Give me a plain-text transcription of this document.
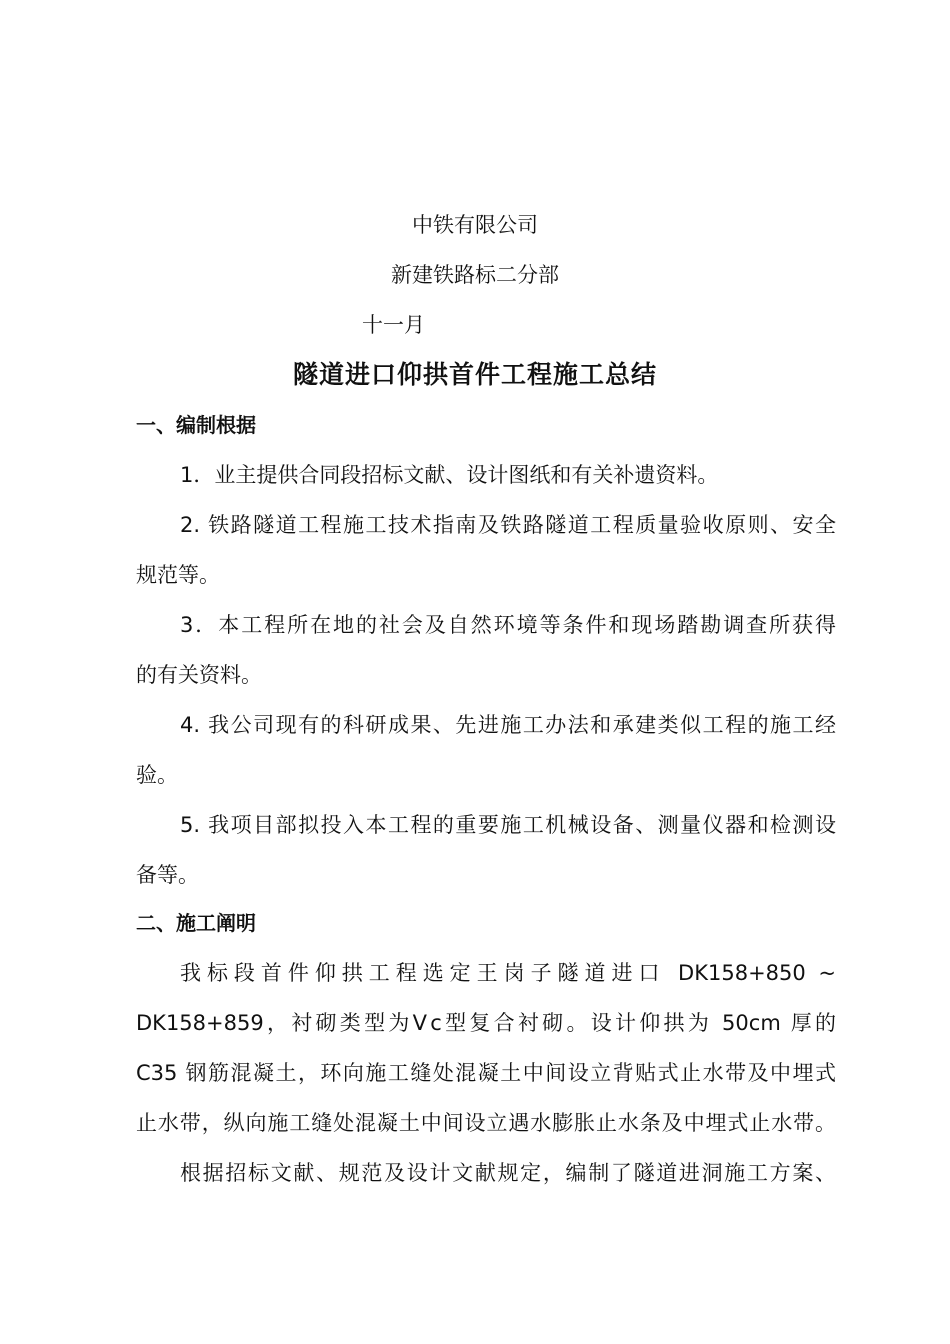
中铁有限公司
新建铁路标二分部
十一月
隧道进口仰拱首件工程施工总结
一、编制根据
1．业主提供合同段招标文献、设计图纸和有关补遗资料。
2. 铁路隧道工程施工技术指南及铁路隧道工程质量验收原则、安全
规范等。
3．本工程所在地的社会及自然环境等条件和现场踏勘调查所获得
的有关资料。
4. 我公司现有的科研成果、先进施工办法和承建类似工程的施工经
验。
5. 我项目部拟投入本工程的重要施工机械设备、测量仪器和检测设
备等。
二、施工阐明
我标段首件仰拱工程选定王岗子隧道进口 DK158+850 ~
DK158+859，衬砌类型为Ⅴc型复合衬砌。设计仰拱为 50cm 厚的
C35 钢筋混凝土，环向施工缝处混凝土中间设立背贴式止水带及中埋式
止水带，纵向施工缝处混凝土中间设立遇水膨胀止水条及中埋式止水带。
根据招标文献、规范及设计文献规定，编制了隧道进洞施工方案、
